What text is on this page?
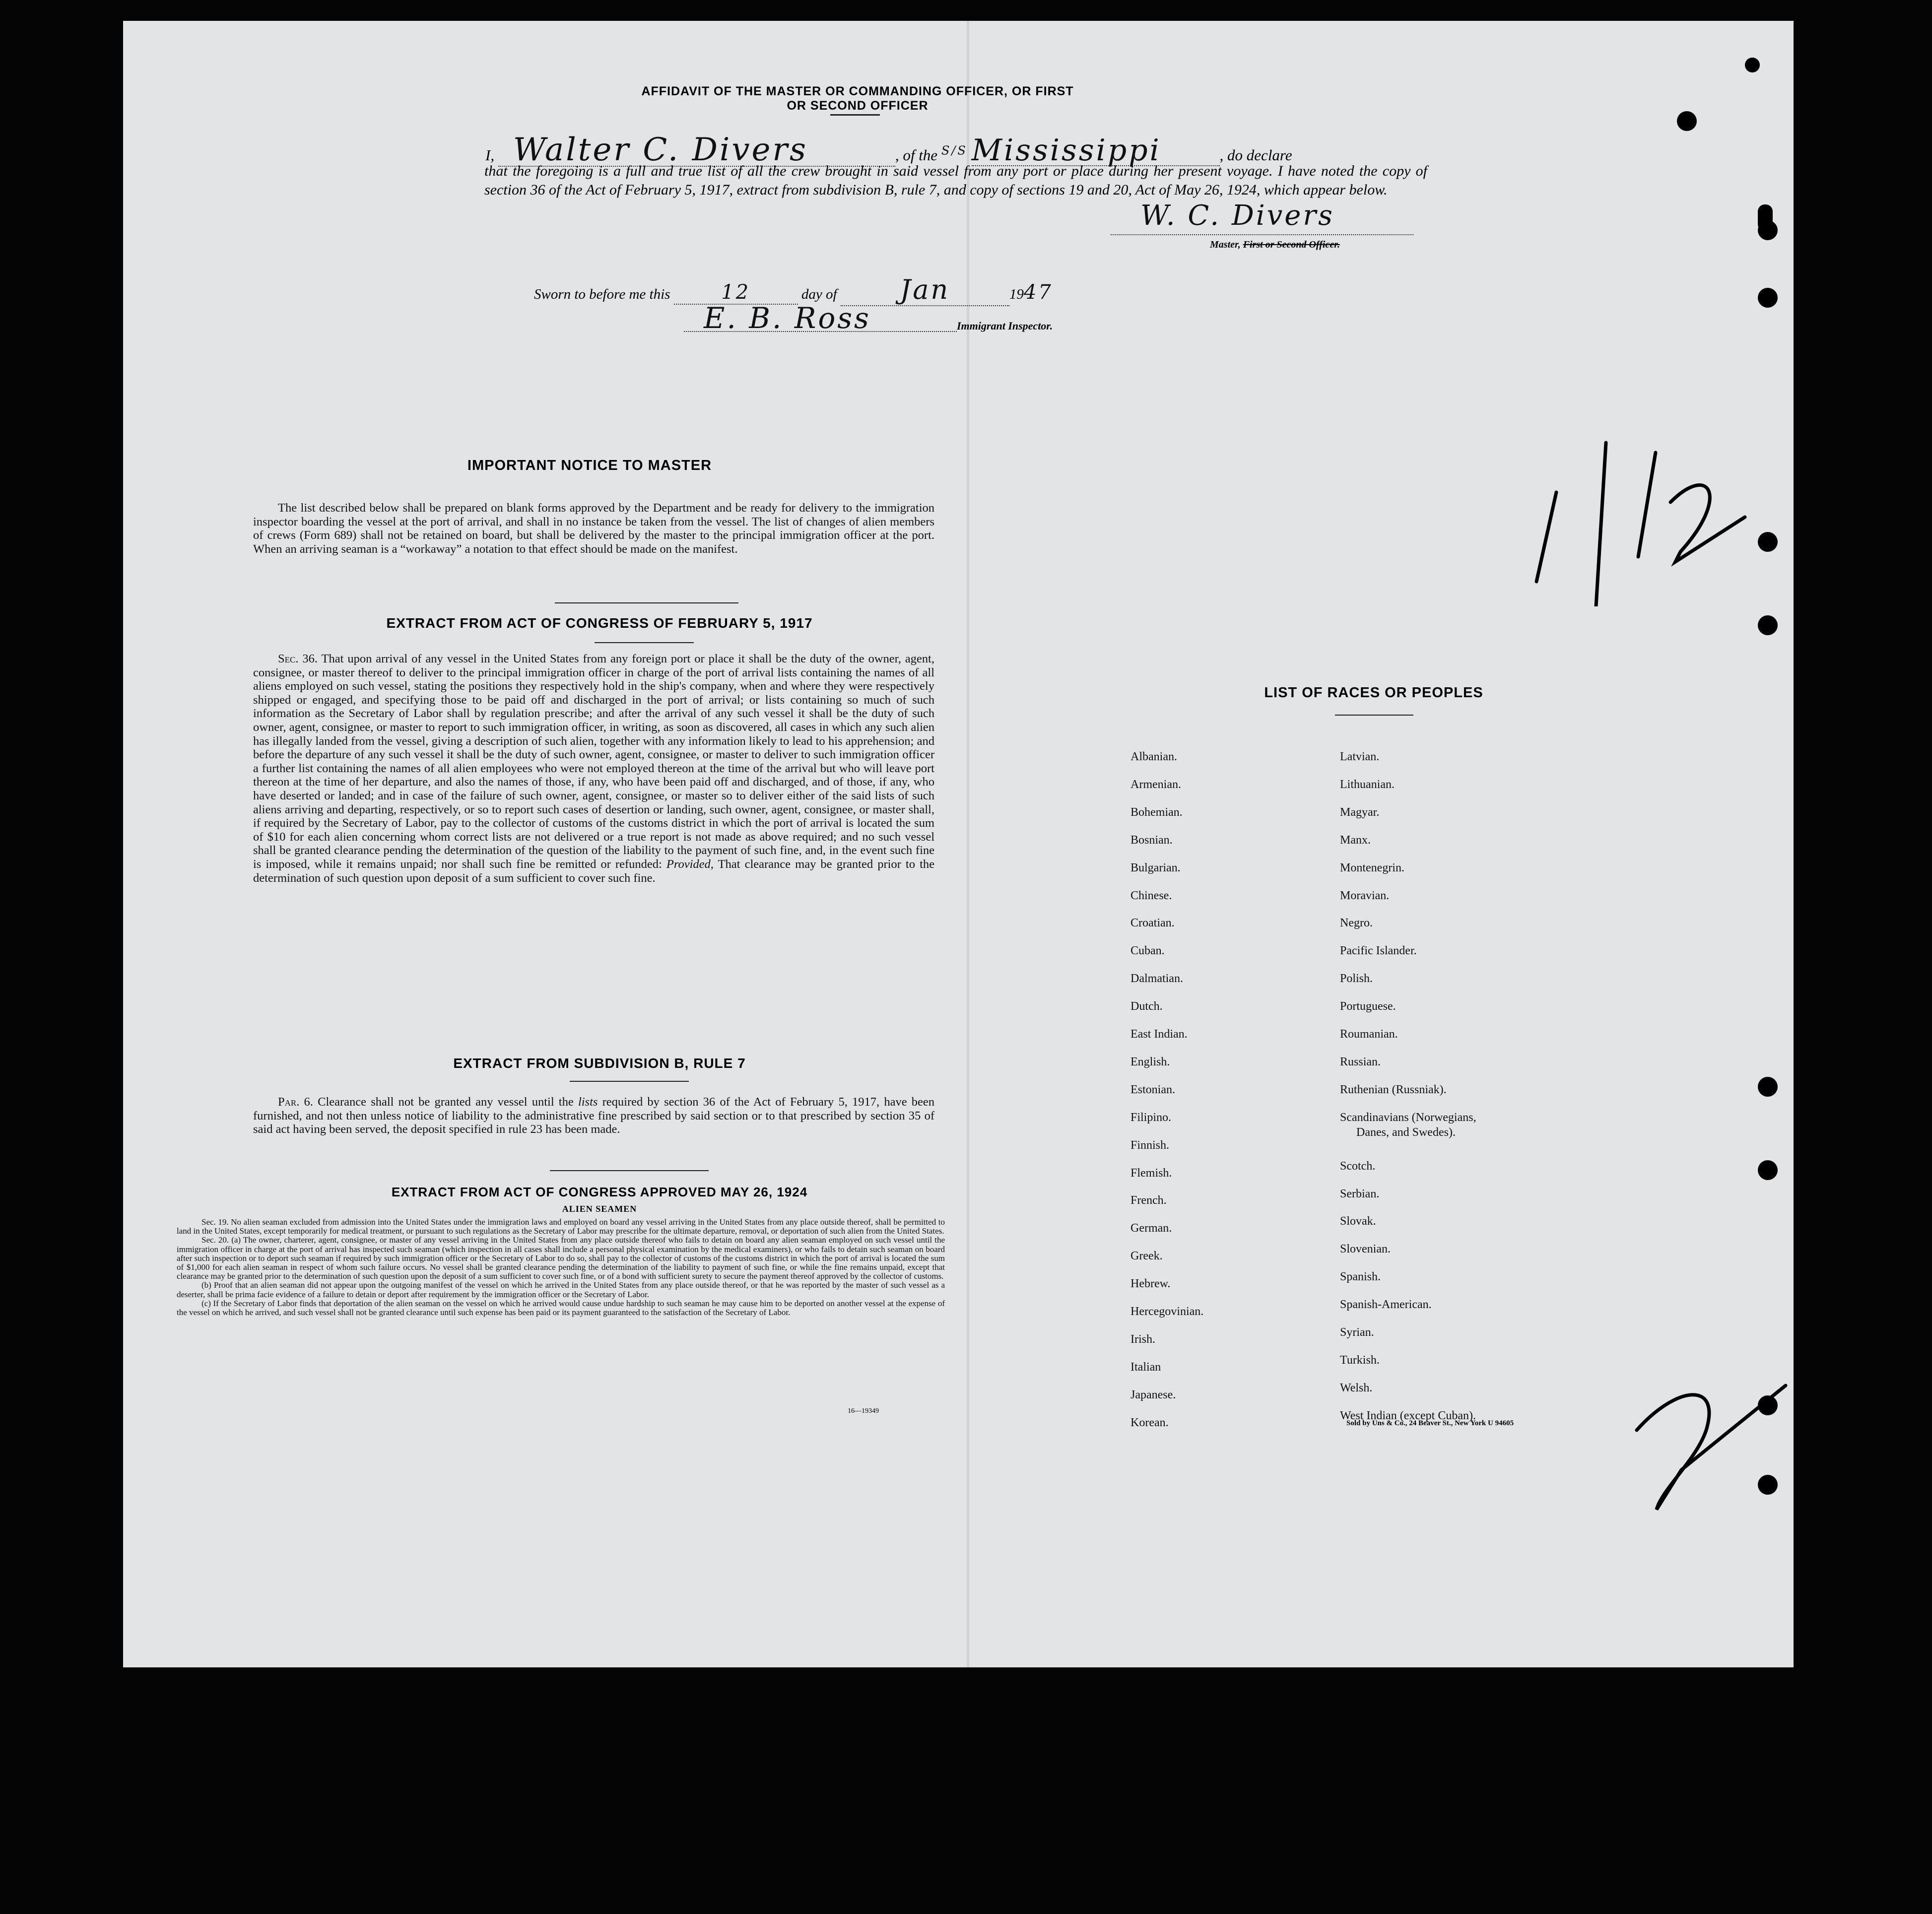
AFFIDAVIT OF THE MASTER OR COMMANDING OFFICER, OR FIRST OR SECOND OFFICER
I, Walter C. Divers	, of the $^{S/S}$ Mississippi	, do declare
that the foregoing is a full and true list of all the crew brought in said vessel from any port or place during her present voyage. I have noted the copy of section 36 of the Act of February 5, 1917, extract from subdivision B, rule 7, and copy of sections 19 and 20, Act of May 26, 1924, which appear below.
W. C. Divers
Master, First or Second Officer.
Sworn to before me this	12	day of Jan	1947
E. B. Ross	Immigrant Inspector.
IMPORTANT NOTICE TO MASTER
The list described below shall be prepared on blank forms approved by the Department and be ready for delivery to the immigration inspector boarding the vessel at the port of arrival, and shall in no instance be taken from the vessel. The list of changes of alien members of crews (Form 689) shall not be retained on board, but shall be delivered by the master to the principal immigration officer at the port. When an arriving seaman is a “workaway” a notation to that effect should be made on the manifest.
EXTRACT FROM ACT OF CONGRESS OF FEBRUARY 5, 1917
Sec. 36. That upon arrival of any vessel in the United States from any foreign port or place it shall be the duty of the owner, agent, consignee, or master thereof to deliver to the principal immigration officer in charge of the port of arrival lists containing the names of all aliens employed on such vessel, stating the positions they respectively hold in the ship's company, when and where they were respectively shipped or engaged, and specifying those to be paid off and discharged in the port of arrival; or lists containing so much of such information as the Secretary of Labor shall by regulation prescribe; and after the arrival of any such vessel it shall be the duty of such owner, agent, consignee, or master to report to such immigration officer, in writing, as soon as discovered, all cases in which any such alien has illegally landed from the vessel, giving a description of such alien, together with any information likely to lead to his apprehension; and before the departure of any such vessel it shall be the duty of such owner, agent, consignee, or master to deliver to such immigration officer a further list containing the names of all alien employees who were not employed thereon at the time of the arrival but who will leave port thereon at the time of her departure, and also the names of those, if any, who have been paid off and discharged, and of those, if any, who have deserted or landed; and in case of the failure of such owner, agent, consignee, or master so to deliver either of the said lists of such aliens arriving and departing, respectively, or so to report such cases of desertion or landing, such owner, agent, consignee, or master shall, if required by the Secretary of Labor, pay to the collector of customs of the customs district in which the port of arrival is located the sum of $10 for each alien concerning whom correct lists are not delivered or a true report is not made as above required; and no such vessel shall be granted clearance pending the determination of the question of the liability to the payment of such fine, and, in the event such fine is imposed, while it remains unpaid; nor shall such fine be remitted or refunded: Provided, That clearance may be granted prior to the determination of such question upon deposit of a sum sufficient to cover such fine.
EXTRACT FROM SUBDIVISION B, RULE 7
Par. 6. Clearance shall not be granted any vessel until the lists required by section 36 of the Act of February 5, 1917, have been furnished, and not then unless notice of liability to the administrative fine prescribed by said section or to that prescribed by section 35 of said act having been served, the deposit specified in rule 23 has been made.
EXTRACT FROM ACT OF CONGRESS APPROVED MAY 26, 1924
ALIEN SEAMEN
Sec. 19. No alien seaman excluded from admission into the United States under the immigration laws and employed on board any vessel arriving in the United States from any place outside thereof, shall be permitted to land in the United States, except temporarily for medical treatment, or pursuant to such regulations as the Secretary of Labor may prescribe for the ultimate departure, removal, or deportation of such alien from the United States.
Sec. 20. (a) The owner, charterer, agent, consignee, or master of any vessel arriving in the United States from any place outside thereof who fails to detain on board any alien seaman employed on such vessel until the immigration officer in charge at the port of arrival has inspected such seaman (which inspection in all cases shall include a personal physical examination by the medical examiners), or who fails to detain such seaman on board after such inspection or to deport such seaman if required by such immigration officer or the Secretary of Labor to do so, shall pay to the collector of customs of the customs district in which the port of arrival is located the sum of $1,000 for each alien seaman in respect of whom such failure occurs. No vessel shall be granted clearance pending the determination of the liability to payment of such fine, or while the fine remains unpaid, except that clearance may be granted prior to the determination of such question upon the deposit of a sum sufficient to cover such fine, or of a bond with sufficient surety to secure the payment thereof approved by the collector of customs.
(b) Proof that an alien seaman did not appear upon the outgoing manifest of the vessel on which he arrived in the United States from any place outside thereof, or that he was reported by the master of such vessel as a deserter, shall be prima facie evidence of a failure to detain or deport after requirement by the immigration officer or the Secretary of Labor.
(c) If the Secretary of Labor finds that deportation of the alien seaman on the vessel on which he arrived would cause undue hardship to such seaman he may cause him to be deported on another vessel at the expense of the vessel on which he arrived, and such vessel shall not be granted clearance until such expense has been paid or its payment guaranteed to the satisfaction of the Secretary of Labor.
16—19349
LIST OF RACES OR PEOPLES
Sold by Uns & Co., 24 Beaver St., New York U 94605
Albanian.
Armenian.
Bohemian.
Bosnian.
Bulgarian.
Chinese.
Croatian.
Cuban.
Dalmatian.
Dutch.
East Indian.
English.
Estonian.
Filipino.
Finnish.
Flemish.
French.
German.
Greek.
Hebrew.
Hercegovinian.
Irish.
Italian
Japanese.
Korean.
Latvian.
Lithuanian.
Magyar.
Manx.
Montenegrin.
Moravian.
Negro.
Pacific Islander.
Polish.
Portuguese.
Roumanian.
Russian.
Ruthenian (Russniak).
Scandinavians (Norwegians,
Danes, and Swedes).
Scotch.
Serbian.
Slovak.
Slovenian.
Spanish.
Spanish-American.
Syrian.
Turkish.
Welsh.
West Indian (except Cuban).
